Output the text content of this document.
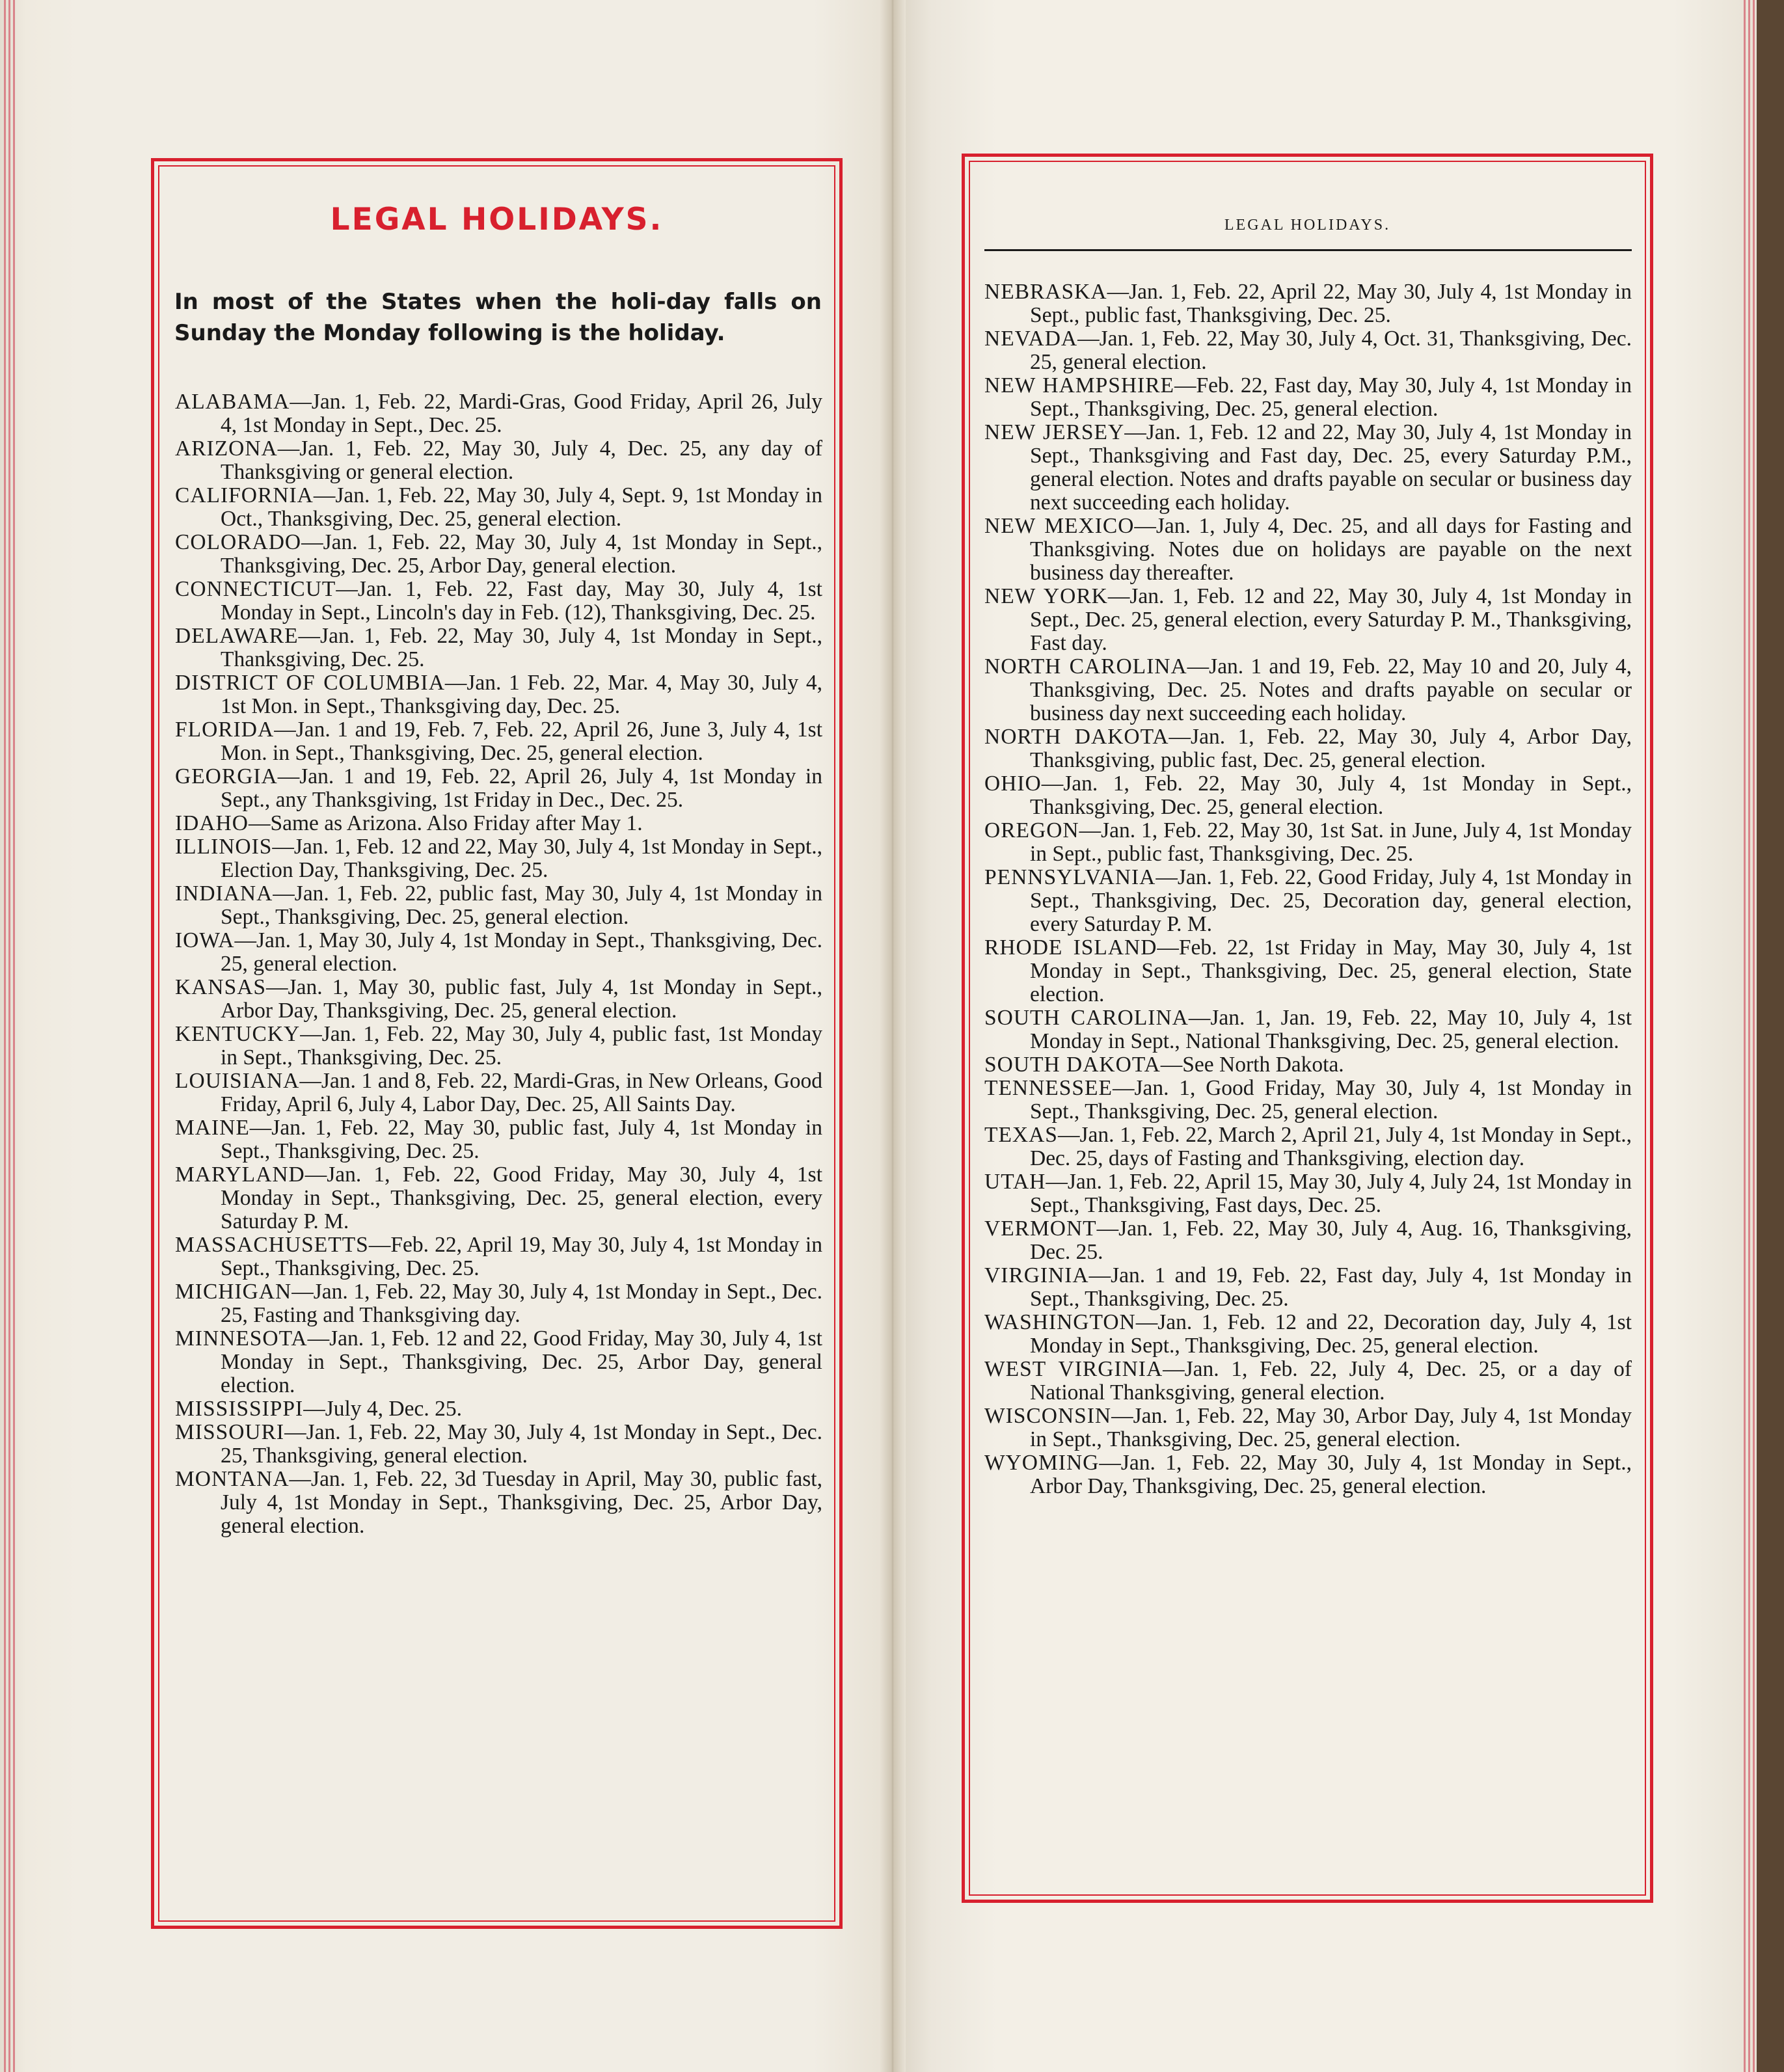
LEGAL HOLIDAYS.
In most of the States when the holi-day falls on Sunday the Monday following is the holiday.

ALABAMA—Jan. 1, Feb. 22, Mardi-Gras, Good Friday, April 26, July 4, 1st Monday in Sept., Dec. 25.

ARIZONA—Jan. 1, Feb. 22, May 30, July 4, Dec. 25, any day of Thanksgiving or general election.

CALIFORNIA—Jan. 1, Feb. 22, May 30, July 4, Sept. 9, 1st Monday in Oct., Thanksgiving, Dec. 25, general election.

COLORADO—Jan. 1, Feb. 22, May 30, July 4, 1st Monday in Sept., Thanksgiving, Dec. 25, Arbor Day, general election.

CONNECTICUT—Jan. 1, Feb. 22, Fast day, May 30, July 4, 1st Monday in Sept., Lincoln's day in Feb. (12), Thanksgiving, Dec. 25.

DELAWARE—Jan. 1, Feb. 22, May 30, July 4, 1st Monday in Sept., Thanksgiving, Dec. 25.

DISTRICT OF COLUMBIA—Jan. 1 Feb. 22, Mar. 4, May 30, July 4, 1st Mon. in Sept., Thanksgiving day, Dec. 25.

FLORIDA—Jan. 1 and 19, Feb. 7, Feb. 22, April 26, June 3, July 4, 1st Mon. in Sept., Thanksgiving, Dec. 25, general election.

GEORGIA—Jan. 1 and 19, Feb. 22, April 26, July 4, 1st Monday in Sept., any Thanksgiving, 1st Friday in Dec., Dec. 25.

IDAHO—Same as Arizona. Also Friday after May 1.

ILLINOIS—Jan. 1, Feb. 12 and 22, May 30, July 4, 1st Monday in Sept., Election Day, Thanksgiving, Dec. 25.

INDIANA—Jan. 1, Feb. 22, public fast, May 30, July 4, 1st Monday in Sept., Thanksgiving, Dec. 25, general election.

IOWA—Jan. 1, May 30, July 4, 1st Monday in Sept., Thanksgiving, Dec. 25, general election.

KANSAS—Jan. 1, May 30, public fast, July 4, 1st Monday in Sept., Arbor Day, Thanksgiving, Dec. 25, general election.

KENTUCKY—Jan. 1, Feb. 22, May 30, July 4, public fast, 1st Monday in Sept., Thanksgiving, Dec. 25.

LOUISIANA—Jan. 1 and 8, Feb. 22, Mardi-Gras, in New Orleans, Good Friday, April 6, July 4, Labor Day, Dec. 25, All Saints Day.

MAINE—Jan. 1, Feb. 22, May 30, public fast, July 4, 1st Monday in Sept., Thanksgiving, Dec. 25.

MARYLAND—Jan. 1, Feb. 22, Good Friday, May 30, July 4, 1st Monday in Sept., Thanksgiving, Dec. 25, general election, every Saturday P. M.

MASSACHUSETTS—Feb. 22, April 19, May 30, July 4, 1st Monday in Sept., Thanksgiving, Dec. 25.

MICHIGAN—Jan. 1, Feb. 22, May 30, July 4, 1st Monday in Sept., Dec. 25, Fasting and Thanksgiving day.

MINNESOTA—Jan. 1, Feb. 12 and 22, Good Friday, May 30, July 4, 1st Monday in Sept., Thanksgiving, Dec. 25, Arbor Day, general election.

MISSISSIPPI—July 4, Dec. 25.

MISSOURI—Jan. 1, Feb. 22, May 30, July 4, 1st Monday in Sept., Dec. 25, Thanksgiving, general election.

MONTANA—Jan. 1, Feb. 22, 3d Tuesday in April, May 30, public fast, July 4, 1st Monday in Sept., Thanksgiving, Dec. 25, Arbor Day, general election.

LEGAL HOLIDAYS.

NEBRASKA—Jan. 1, Feb. 22, April 22, May 30, July 4, 1st Monday in Sept., public fast, Thanksgiving, Dec. 25.

NEVADA—Jan. 1, Feb. 22, May 30, July 4, Oct. 31, Thanksgiving, Dec. 25, general election.

NEW HAMPSHIRE—Feb. 22, Fast day, May 30, July 4, 1st Monday in Sept., Thanksgiving, Dec. 25, general election.

NEW JERSEY—Jan. 1, Feb. 12 and 22, May 30, July 4, 1st Monday in Sept., Thanksgiving and Fast day, Dec. 25, every Saturday P.M., general election. Notes and drafts payable on secular or business day next succeeding each holiday.

NEW MEXICO—Jan. 1, July 4, Dec. 25, and all days for Fasting and Thanksgiving. Notes due on holidays are payable on the next business day thereafter.

NEW YORK—Jan. 1, Feb. 12 and 22, May 30, July 4, 1st Monday in Sept., Dec. 25, general election, every Saturday P. M., Thanksgiving, Fast day.

NORTH CAROLINA—Jan. 1 and 19, Feb. 22, May 10 and 20, July 4, Thanksgiving, Dec. 25. Notes and drafts payable on secular or business day next succeeding each holiday.

NORTH DAKOTA—Jan. 1, Feb. 22, May 30, July 4, Arbor Day, Thanksgiving, public fast, Dec. 25, general election.

OHIO—Jan. 1, Feb. 22, May 30, July 4, 1st Monday in Sept., Thanksgiving, Dec. 25, general election.

OREGON—Jan. 1, Feb. 22, May 30, 1st Sat. in June, July 4, 1st Monday in Sept., public fast, Thanksgiving, Dec. 25.

PENNSYLVANIA—Jan. 1, Feb. 22, Good Friday, July 4, 1st Monday in Sept., Thanksgiving, Dec. 25, Decoration day, general election, every Saturday P. M.

RHODE ISLAND—Feb. 22, 1st Friday in May, May 30, July 4, 1st Monday in Sept., Thanksgiving, Dec. 25, general election, State election.

SOUTH CAROLINA—Jan. 1, Jan. 19, Feb. 22, May 10, July 4, 1st Monday in Sept., National Thanksgiving, Dec. 25, general election.

SOUTH DAKOTA—See North Dakota.

TENNESSEE—Jan. 1, Good Friday, May 30, July 4, 1st Monday in Sept., Thanksgiving, Dec. 25, general election.

TEXAS—Jan. 1, Feb. 22, March 2, April 21, July 4, 1st Monday in Sept., Dec. 25, days of Fasting and Thanksgiving, election day.

UTAH—Jan. 1, Feb. 22, April 15, May 30, July 4, July 24, 1st Monday in Sept., Thanksgiving, Fast days, Dec. 25.

VERMONT—Jan. 1, Feb. 22, May 30, July 4, Aug. 16, Thanksgiving, Dec. 25.

VIRGINIA—Jan. 1 and 19, Feb. 22, Fast day, July 4, 1st Monday in Sept., Thanksgiving, Dec. 25.

WASHINGTON—Jan. 1, Feb. 12 and 22, Decoration day, July 4, 1st Monday in Sept., Thanksgiving, Dec. 25, general election.

WEST VIRGINIA—Jan. 1, Feb. 22, July 4, Dec. 25, or a day of National Thanksgiving, general election.

WISCONSIN—Jan. 1, Feb. 22, May 30, Arbor Day, July 4, 1st Monday in Sept., Thanksgiving, Dec. 25, general election.

WYOMING—Jan. 1, Feb. 22, May 30, July 4, 1st Monday in Sept., Arbor Day, Thanksgiving, Dec. 25, general election.
